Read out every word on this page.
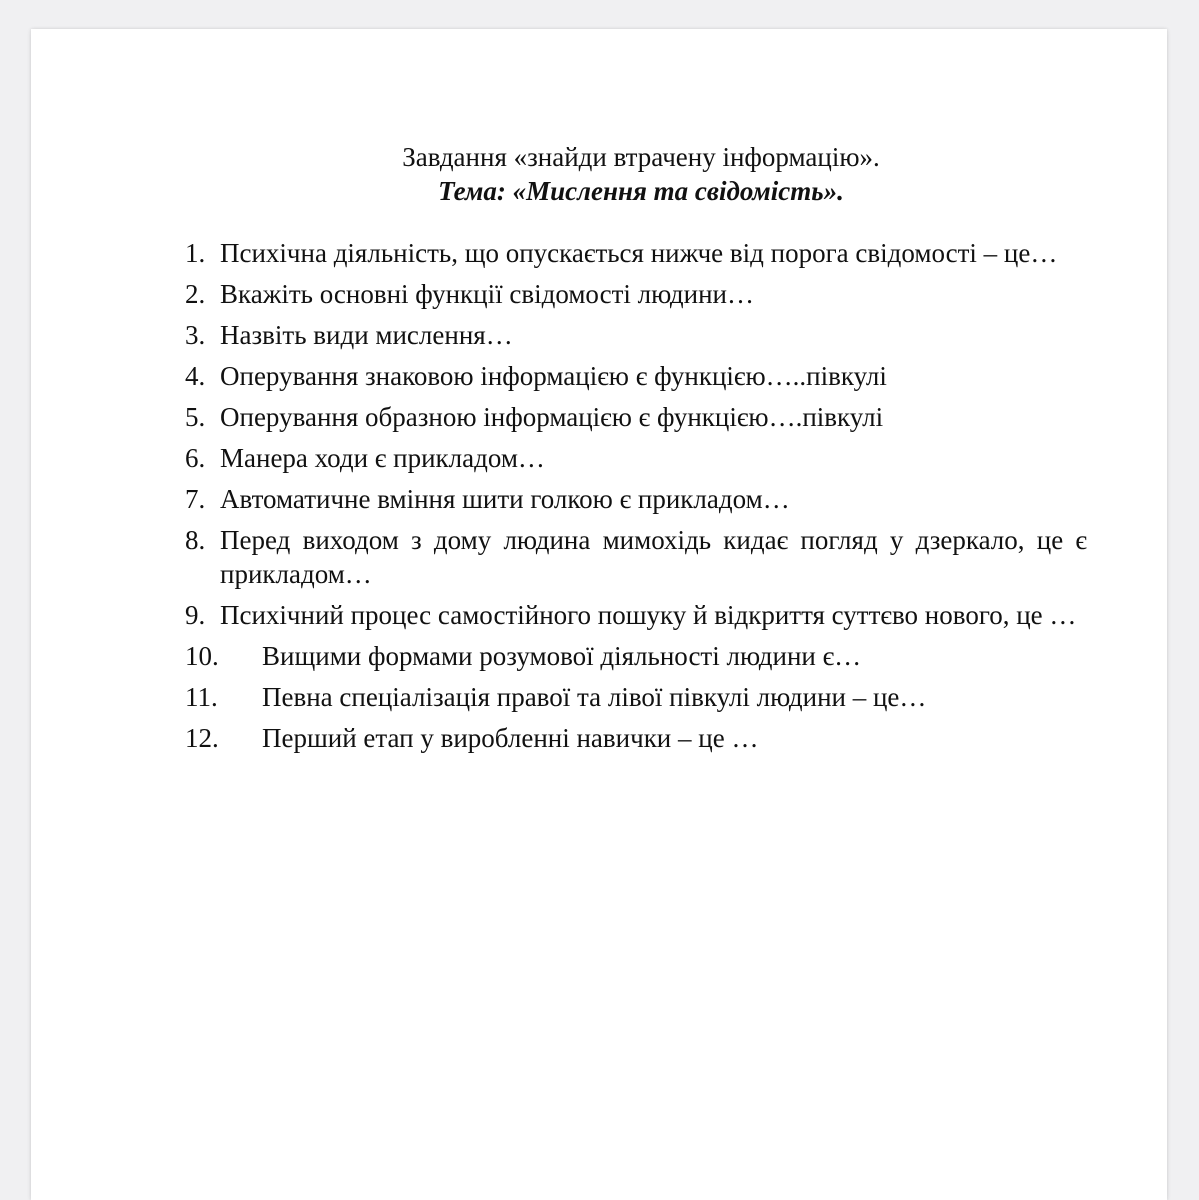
Завдання «знайди втрачену інформацію».
Тема: «Мислення та свідомість».
1. Психічна діяльність, що опускається нижче від порога свідомості – це…
2. Вкажіть основні функції свідомості людини…
3. Назвіть види мислення…
4. Оперування знаковою інформацією є функцією…..півкулі
5. Оперування образною інформацією є функцією….півкулі
6. Манера ходи є прикладом…
7. Автоматичне вміння шити голкою є прикладом…
8. Перед виходом з дому людина мимохідь кидає погляд у дзеркало, це є прикладом…
9. Психічний процес самостійного пошуку й відкриття суттєво нового, це …
10.	Вищими формами розумової діяльності людини є…
11.	Певна спеціалізація правої та лівої півкулі людини – це…
12.	Перший етап у виробленні навички – це …
